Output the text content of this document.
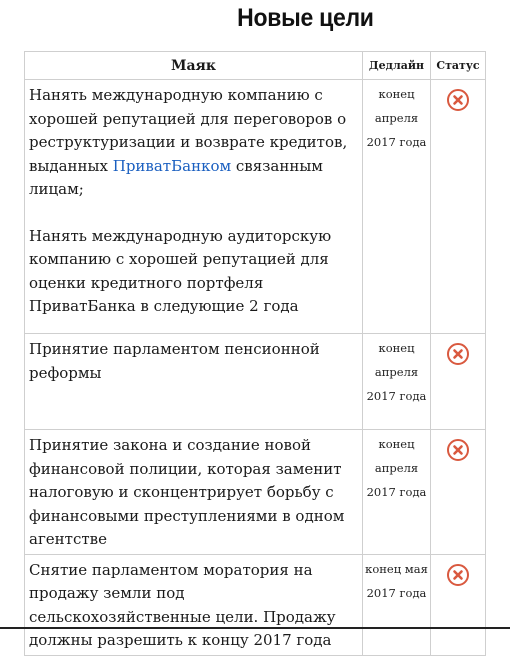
Новые цели
Маяк	Дедлайн	Статус

Нанять международную компанию с хорошей репутацией для переговоров о реструктуризации и возврате кредитов, выданных ПриватБанком связанным лицам;

Нанять международную аудиторскую компанию с хорошей репутацией для оценки кредитного портфеля ПриватБанка в следующие 2 года	конец апреля 2017 года	
Принятие парламентом пенсионной реформы	конец апреля 2017 года	
Принятие закона и создание новой финансовой полиции, которая заменит налоговую и сконцентрирует борьбу с финансовыми преступлениями в одном агентстве	конец апреля 2017 года	
Снятие парламентом моратория на продажу земли под сельскохозяйственные цели. Продажу должны разрешить к концу 2017 года	конец мая 2017 года	
